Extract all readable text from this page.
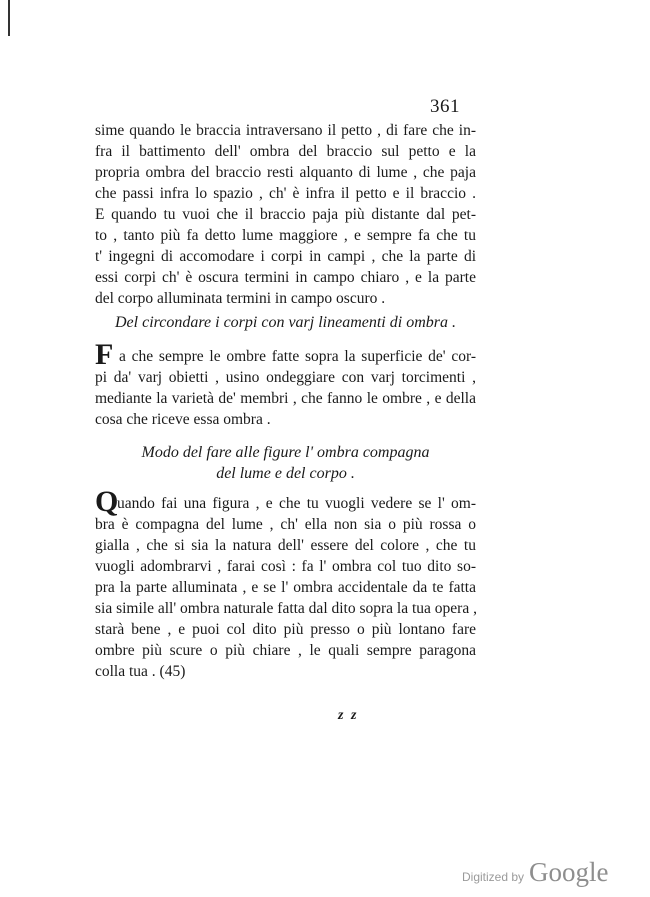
361
sime quando le braccia intraversano il petto , di fare che in-
fra il battimento dell' ombra del braccio sul petto e la
propria ombra del braccio resti alquanto di lume , che paja
che passi infra lo spazio , ch' è infra il petto e il braccio .
E quando tu vuoi che il braccio paja più distante dal pet-
to , tanto più fa detto lume maggiore , e sempre fa che tu
t' ingegni di accomodare i corpi in campi , che la parte di
essi corpi ch' è oscura termini in campo chiaro , e la parte
del corpo alluminata termini in campo oscuro .
Del circondare i corpi con varj lineamenti di ombra .
F a che sempre le ombre fatte sopra la superficie de' cor-
pi da' varj obietti , usino ondeggiare con varj torcimenti ,
mediante la varietà de' membri , che fanno le ombre , e della
cosa che riceve essa ombra .
Modo del fare alle figure l' ombra compagna
del lume e del corpo .
Q
uando fai una figura , e che tu vuogli vedere se l' om-
bra è compagna del lume , ch' ella non sia o più rossa o
gialla , che si sia la natura dell' essere del colore , che tu
vuogli adombrarvi , farai così : fa l' ombra col tuo dito so-
pra la parte alluminata , e se l' ombra accidentale da te fatta
sia simile all' ombra naturale fatta dal dito sopra la tua opera ,
starà bene , e puoi col dito più presso o più lontano fare
ombre più scure o più chiare , le quali sempre paragona
colla tua . (45)
z z
Digitized by Google
